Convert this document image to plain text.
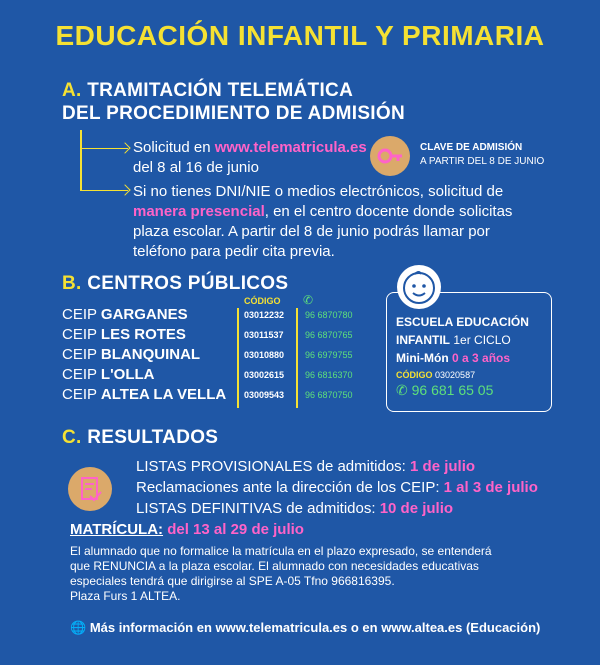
EDUCACIÓN INFANTIL Y PRIMARIA
A. TRAMITACIÓN TELEMÁTICA
DEL PROCEDIMIENTO DE ADMISIÓN
Solicitud en www.telematricula.es
del 8 al 16 de junio
CLAVE DE ADMISIÓN
A PARTIR DEL 8 DE JUNIO
Si no tienes DNI/NIE o medios electrónicos, solicitud de
manera presencial, en el centro docente donde solicitas
plaza escolar. A partir del 8 de junio podrás llamar por
teléfono para pedir cita previa.
B. CENTROS PÚBLICOS
CÓDIGO ✆
CEIP GARGANES
CEIP LES ROTES
CEIP BLANQUINAL
CEIP L'OLLA
CEIP ALTEA LA VELLA
03012232
03011537
03010880
03002615
03009543
96 6870780
96 6870765
96 6979755
96 6816370
96 6870750
ESCUELA EDUCACIÓN
INFANTIL 1er CICLO
Mini-Món 0 a 3 años
CÓDIGO 03020587
✆ 96 681 65 05
C. RESULTADOS
LISTAS PROVISIONALES de admitidos: 1 de julio
Reclamaciones ante la dirección de los CEIP: 1 al 3 de julio
LISTAS DEFINITIVAS de admitidos: 10 de julio
MATRÍCULA: del 13 al 29 de julio
El alumnado que no formalice la matrícula en el plazo expresado, se entenderá
que RENUNCIA a la plaza escolar. El alumnado con necesidades educativas
especiales tendrá que dirigirse al SPE A-05 Tfno 966816395.
Plaza Furs 1 ALTEA.
🌐 Más información en www.telematricula.es o en www.altea.es (Educación)
